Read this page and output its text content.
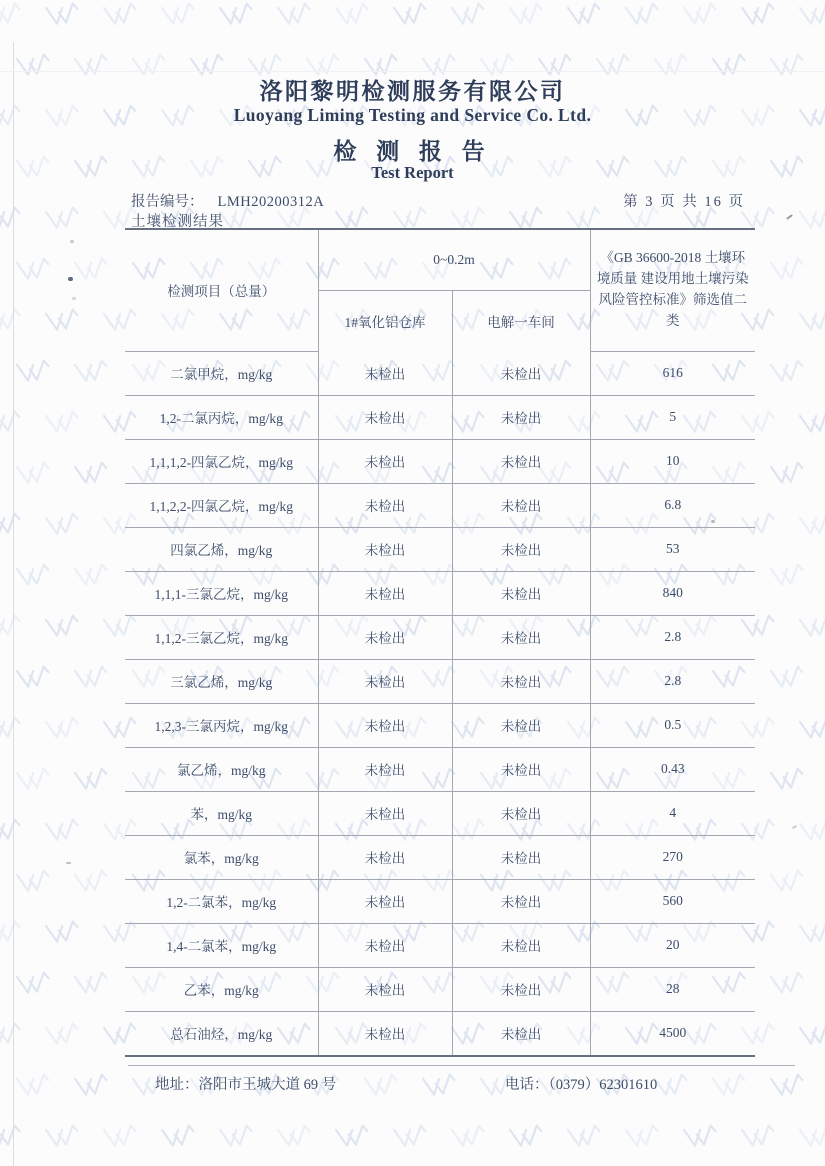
洛阳黎明检测服务有限公司
Luoyang Liming Testing and Service Co. Ltd.
检 测 报 告
Test Report
报告编号： LMH20200312A	第 3 页 共 16 页
土壤检测结果
检测项目（总量）	0~0.2m		《GB 36600-2018 土壤环境质量 建设用地土壤污染风险管控标准》筛选值二类
	1#氧化铝仓库	电解一车间	
二氯甲烷，mg/kg	未检出	未检出	616
1,2-二氯丙烷，mg/kg	未检出	未检出	5
1,1,1,2-四氯乙烷，mg/kg	未检出	未检出	10
1,1,2,2-四氯乙烷，mg/kg	未检出	未检出	6.8
四氯乙烯，mg/kg	未检出	未检出	53
1,1,1-三氯乙烷，mg/kg	未检出	未检出	840
1,1,2-三氯乙烷，mg/kg	未检出	未检出	2.8
三氯乙烯，mg/kg	未检出	未检出	2.8
1,2,3-三氯丙烷，mg/kg	未检出	未检出	0.5
氯乙烯，mg/kg	未检出	未检出	0.43
苯，mg/kg	未检出	未检出	4
氯苯，mg/kg	未检出	未检出	270
1,2-二氯苯，mg/kg	未检出	未检出	560
1,4-二氯苯，mg/kg	未检出	未检出	20
乙苯，mg/kg	未检出	未检出	28
总石油烃，mg/kg	未检出	未检出	4500
地址：洛阳市王城大道 69 号	电话：（0379）62301610
